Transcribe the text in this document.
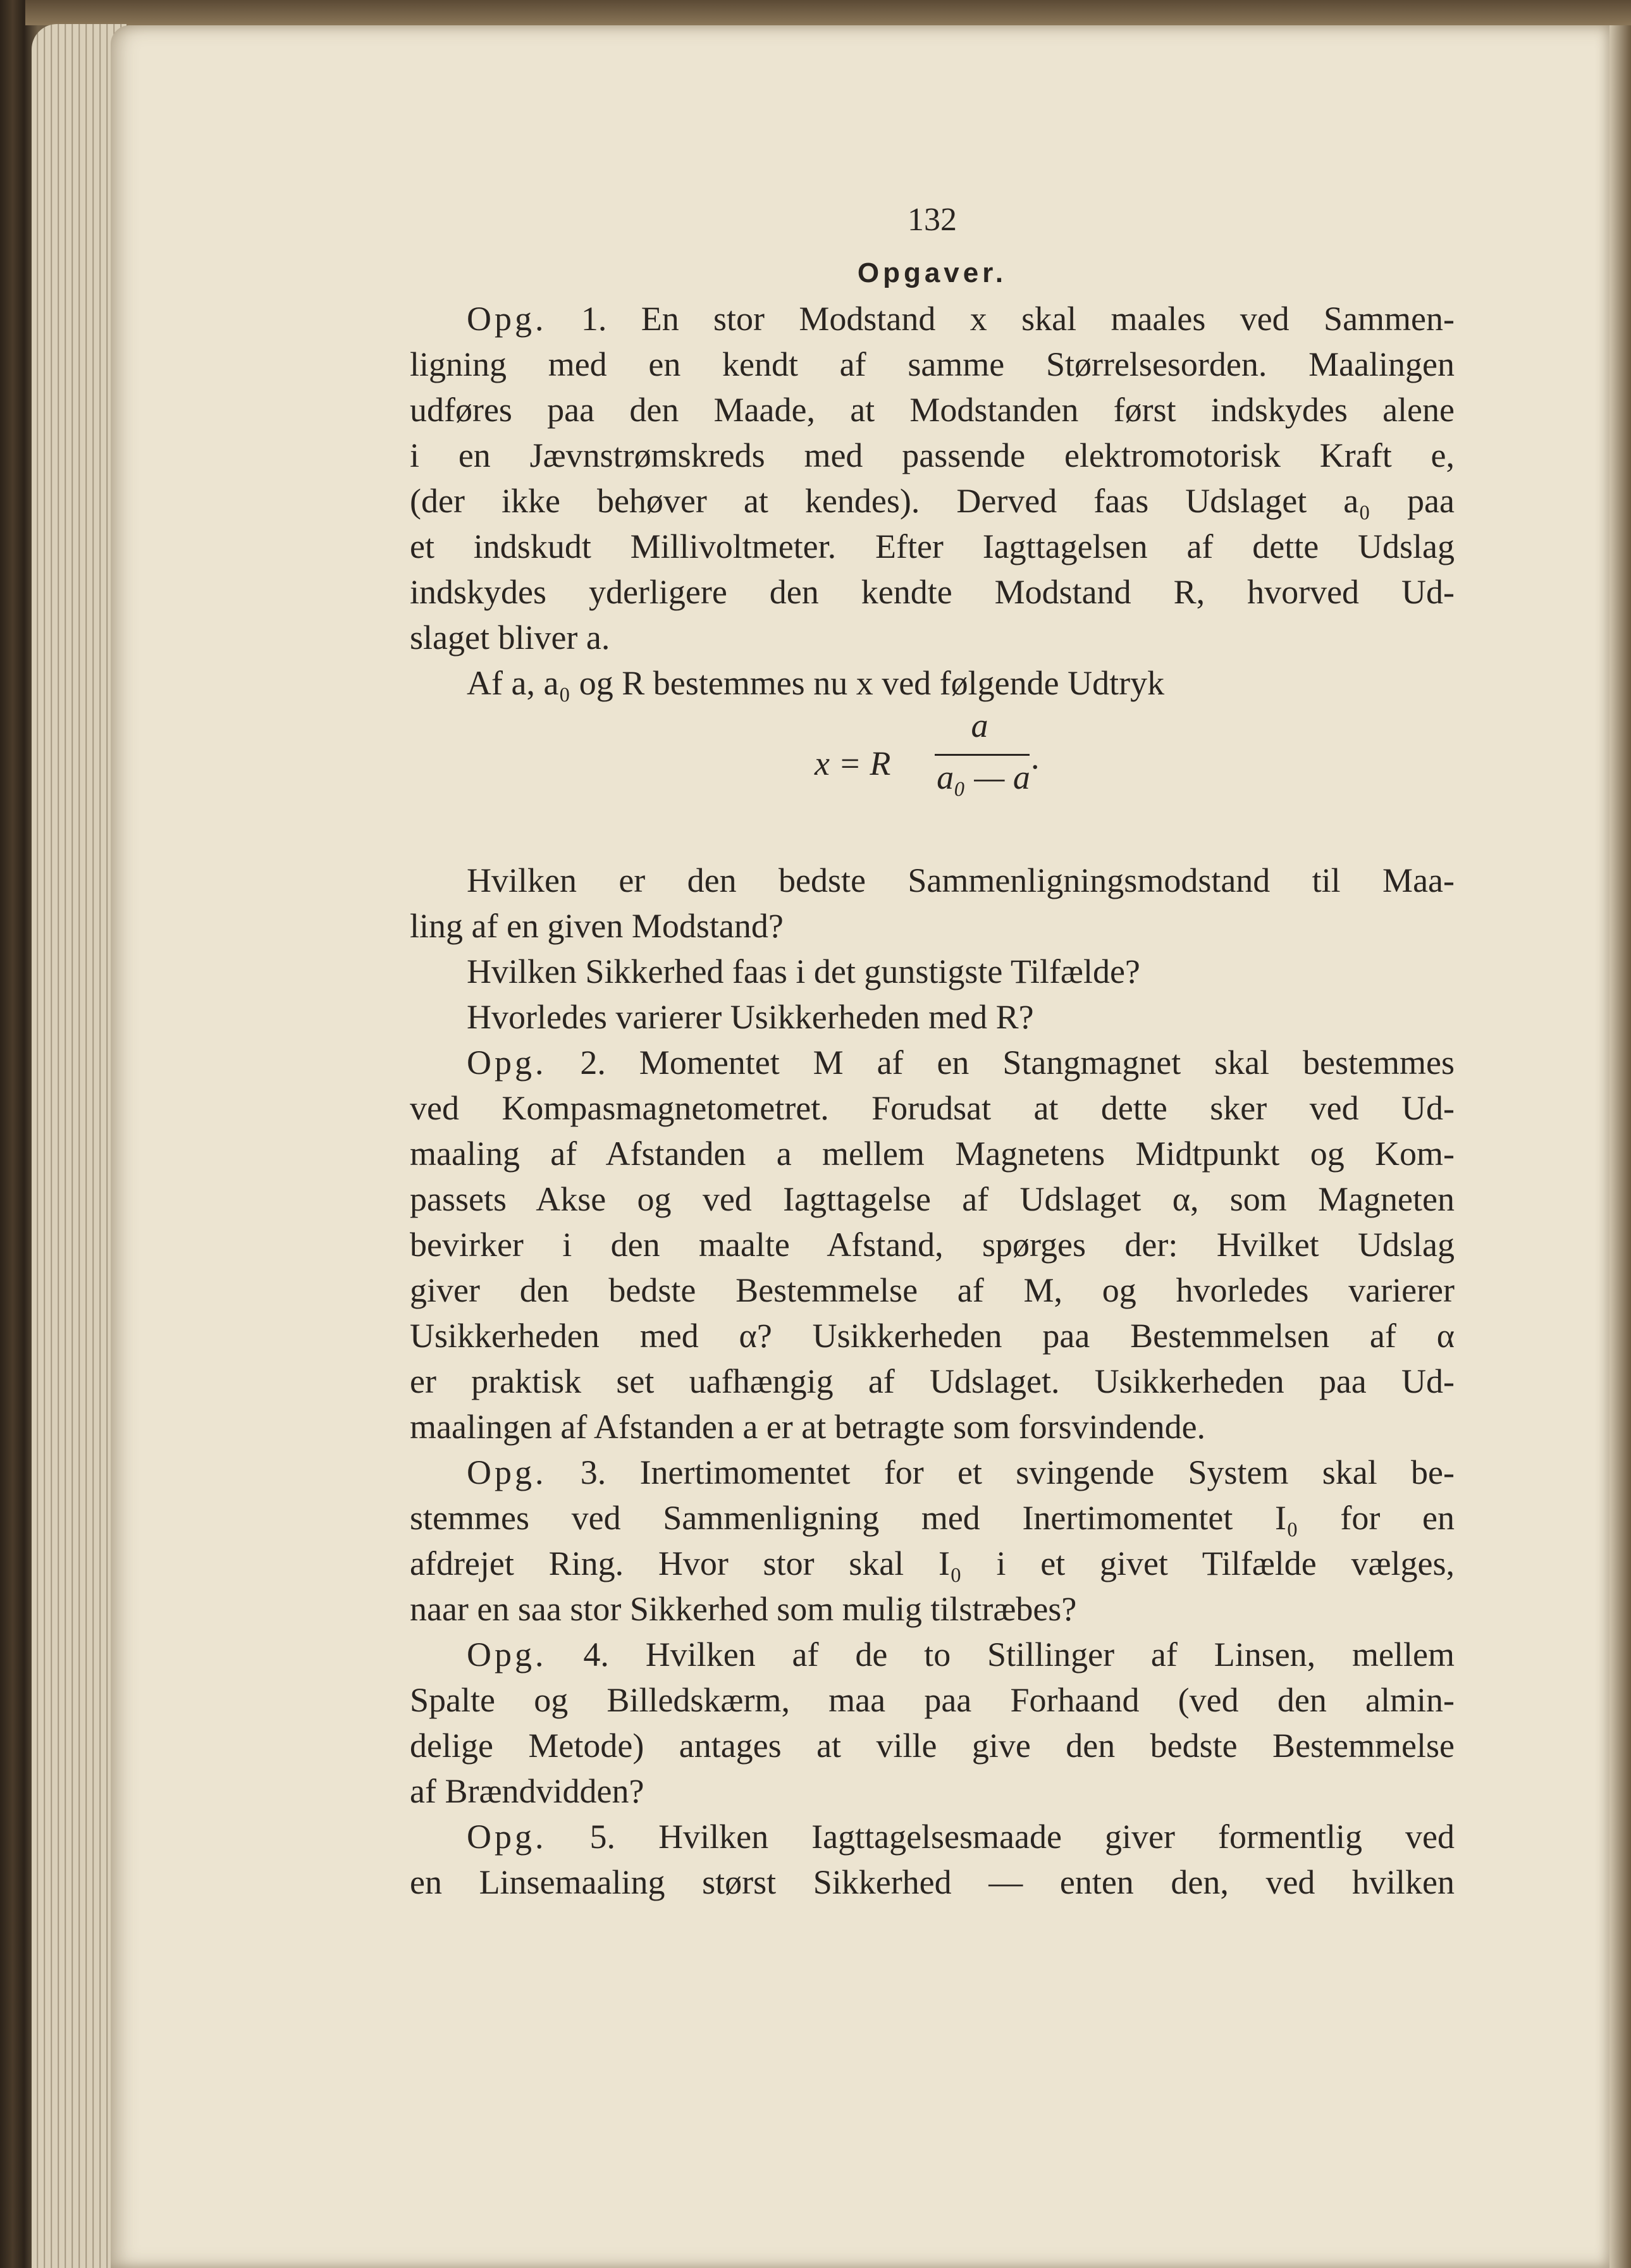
132
Opgaver.
Opg. 1. En stor Modstand x skal maales ved Sammen-
ligning med en kendt af samme Størrelsesorden. Maalingen
udføres paa den Maade, at Modstanden først indskydes alene
i en Jævnstrømskreds med passende elektromotorisk Kraft e,
(der ikke behøver at kendes). Derved faas Udslaget a₀ paa
et indskudt Millivoltmeter. Efter Iagttagelsen af dette Udslag
indskydes yderligere den kendte Modstand R, hvorved Ud-
slaget bliver a.
Af a, a₀ og R bestemmes nu x ved følgende Udtryk
x = R
a
a₀ — a
.
Hvilken er den bedste Sammenligningsmodstand til Maa-
ling af en given Modstand?
Hvilken Sikkerhed faas i det gunstigste Tilfælde?
Hvorledes varierer Usikkerheden med R?
Opg. 2. Momentet M af en Stangmagnet skal bestemmes
ved Kompasmagnetometret. Forudsat at dette sker ved Ud-
maaling af Afstanden a mellem Magnetens Midtpunkt og Kom-
passets Akse og ved Iagttagelse af Udslaget α, som Magneten
bevirker i den maalte Afstand, spørges der: Hvilket Udslag
giver den bedste Bestemmelse af M, og hvorledes varierer
Usikkerheden med α? Usikkerheden paa Bestemmelsen af α
er praktisk set uafhængig af Udslaget. Usikkerheden paa Ud-
maalingen af Afstanden a er at betragte som forsvindende.
Opg. 3. Inertimomentet for et svingende System skal be-
stemmes ved Sammenligning med Inertimomentet I₀ for en
afdrejet Ring. Hvor stor skal I₀ i et givet Tilfælde vælges,
naar en saa stor Sikkerhed som mulig tilstræbes?
Opg. 4. Hvilken af de to Stillinger af Linsen, mellem
Spalte og Billedskærm, maa paa Forhaand (ved den almin-
delige Metode) antages at ville give den bedste Bestemmelse
af Brændvidden?
Opg. 5. Hvilken Iagttagelsesmaade giver formentlig ved
en Linsemaaling størst Sikkerhed — enten den, ved hvilken
